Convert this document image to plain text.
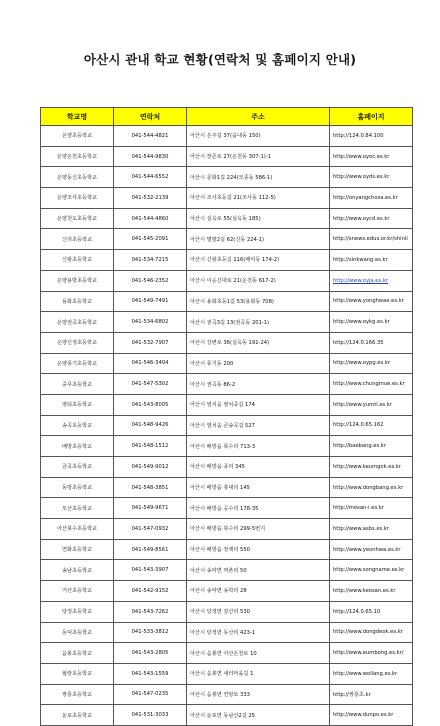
아산시 관내 학교 현황(연락처 및 홈페이지 안내)
학교명	연락처	주소	홈페이지
온양초등학교	041-544-4821	아산시 온주길 37(읍내동 150)	http://124.0.84.100
온양온천초등학교	041-544-9830	아산시 장존로 27(온천동 307-1)-1	http://www.oyoc.es.kr
온양동신초등학교	041-544-6552	아산시 문화1길 224(모종동 586-1)	http://www.oyds.es.kr
온양조사초등학교	041-532-2139	아산시 조사초등길 21(조사동 112-5)	http://onyangchosa.es.kr
온양천도초등학교	041-544-4860	아산시 실옥로 55(실옥동 185)	http://www.oycd.es.kr
신리초등학교	041-545-2091	아산시 벌말2길 62(신동 224-1)	http://snews.edus.or.kr/shinli
신왕초등학교	041-534-7215	아산시 신왕초등길 116(배미동 174-2)	http://sinkwang.es.kr
온양용방초등학교	041-546-2352	아산시 이순신대로 21(온천동 617-2)	http://www.oyja.es.kr
용화초등학교	041-549-7491	아산시 용화초등1길 53(용화동 708)	http://www.yonghwae.es.kr
온양권곡초등학교	041-534-6802	아산시 권곡3길 13(권곡동 201-1)	http://www.oykg.es.kr
온양신정초등학교	041-532-7907	아산시 강변로 36(실옥동 191-24)	http://124.0.166.35
온양풍기초등학교	041-546-3404	아산시 풍기동 200	http://www.oypg.es.kr
중무초등학교	041-547-5302	아산시 권곡동 86-2	http://www.chungmue.es.kr
염티초등학교	041-543-8005	아산시 염치읍 염치중길 174	http://www.yumti.es.kr
송곡초등학교	041-548-9426	아산시 염치읍 큰송곡길 527	http://124.0.65.162
배방초등학교	041-548-1512	아산시 배방읍 북수리 713-3	http://baebang.es.kr
금곡초등학교	041-549-9012	아산시 배방읍 중리 345	http://www.keumgok.es.kr
동방초등학교	041-548-3851	아산시 배방읍 휴대리 145	http://www.dongbang.es.kr
모산초등학교	041-549-9671	아산시 배방읍 공수리 178-35	http://mosan-i.es.kr
아산북수초등학교	041-547-0932	아산시 배방읍 북수리 299-5번지	http://www.asbs.es.kr
연화초등학교	041-549-8561	아산시 배방읍 장재리 550	http://www.yeonhwa.es.kr
송남초등학교	041-543-3907	아산시 송악면 역촌리 50	http://www.songname.es.kr
거산초등학교	041-542-9152	아산시 송악면 송학리 28	http://www.keosan.es.kr
탕정초등학교	041-543-7262	아산시 탕정면 갈산리 530	http://124.0.65.10
동덕초등학교	041-533-3812	아산시 탕정면 동산리 423-1	http://www.dongdeok.es.kr
음봉초등학교	041-543-2805	아산시 음봉면 아산온천로 10	http://www.eumbong.es.kr/
월랑초등학교	041-543-1559	아산시 음봉면 새터마을길 1	http://www.wollang.es.kr
쌍룡초등학교	041-547-0235	아산시 음봉면 연암로 333	http://쌍룡초.kr
둔포초등학교	041-531-3033	아산시 둔포면 동남산2길 25	http://www.dunpo.es.kr
